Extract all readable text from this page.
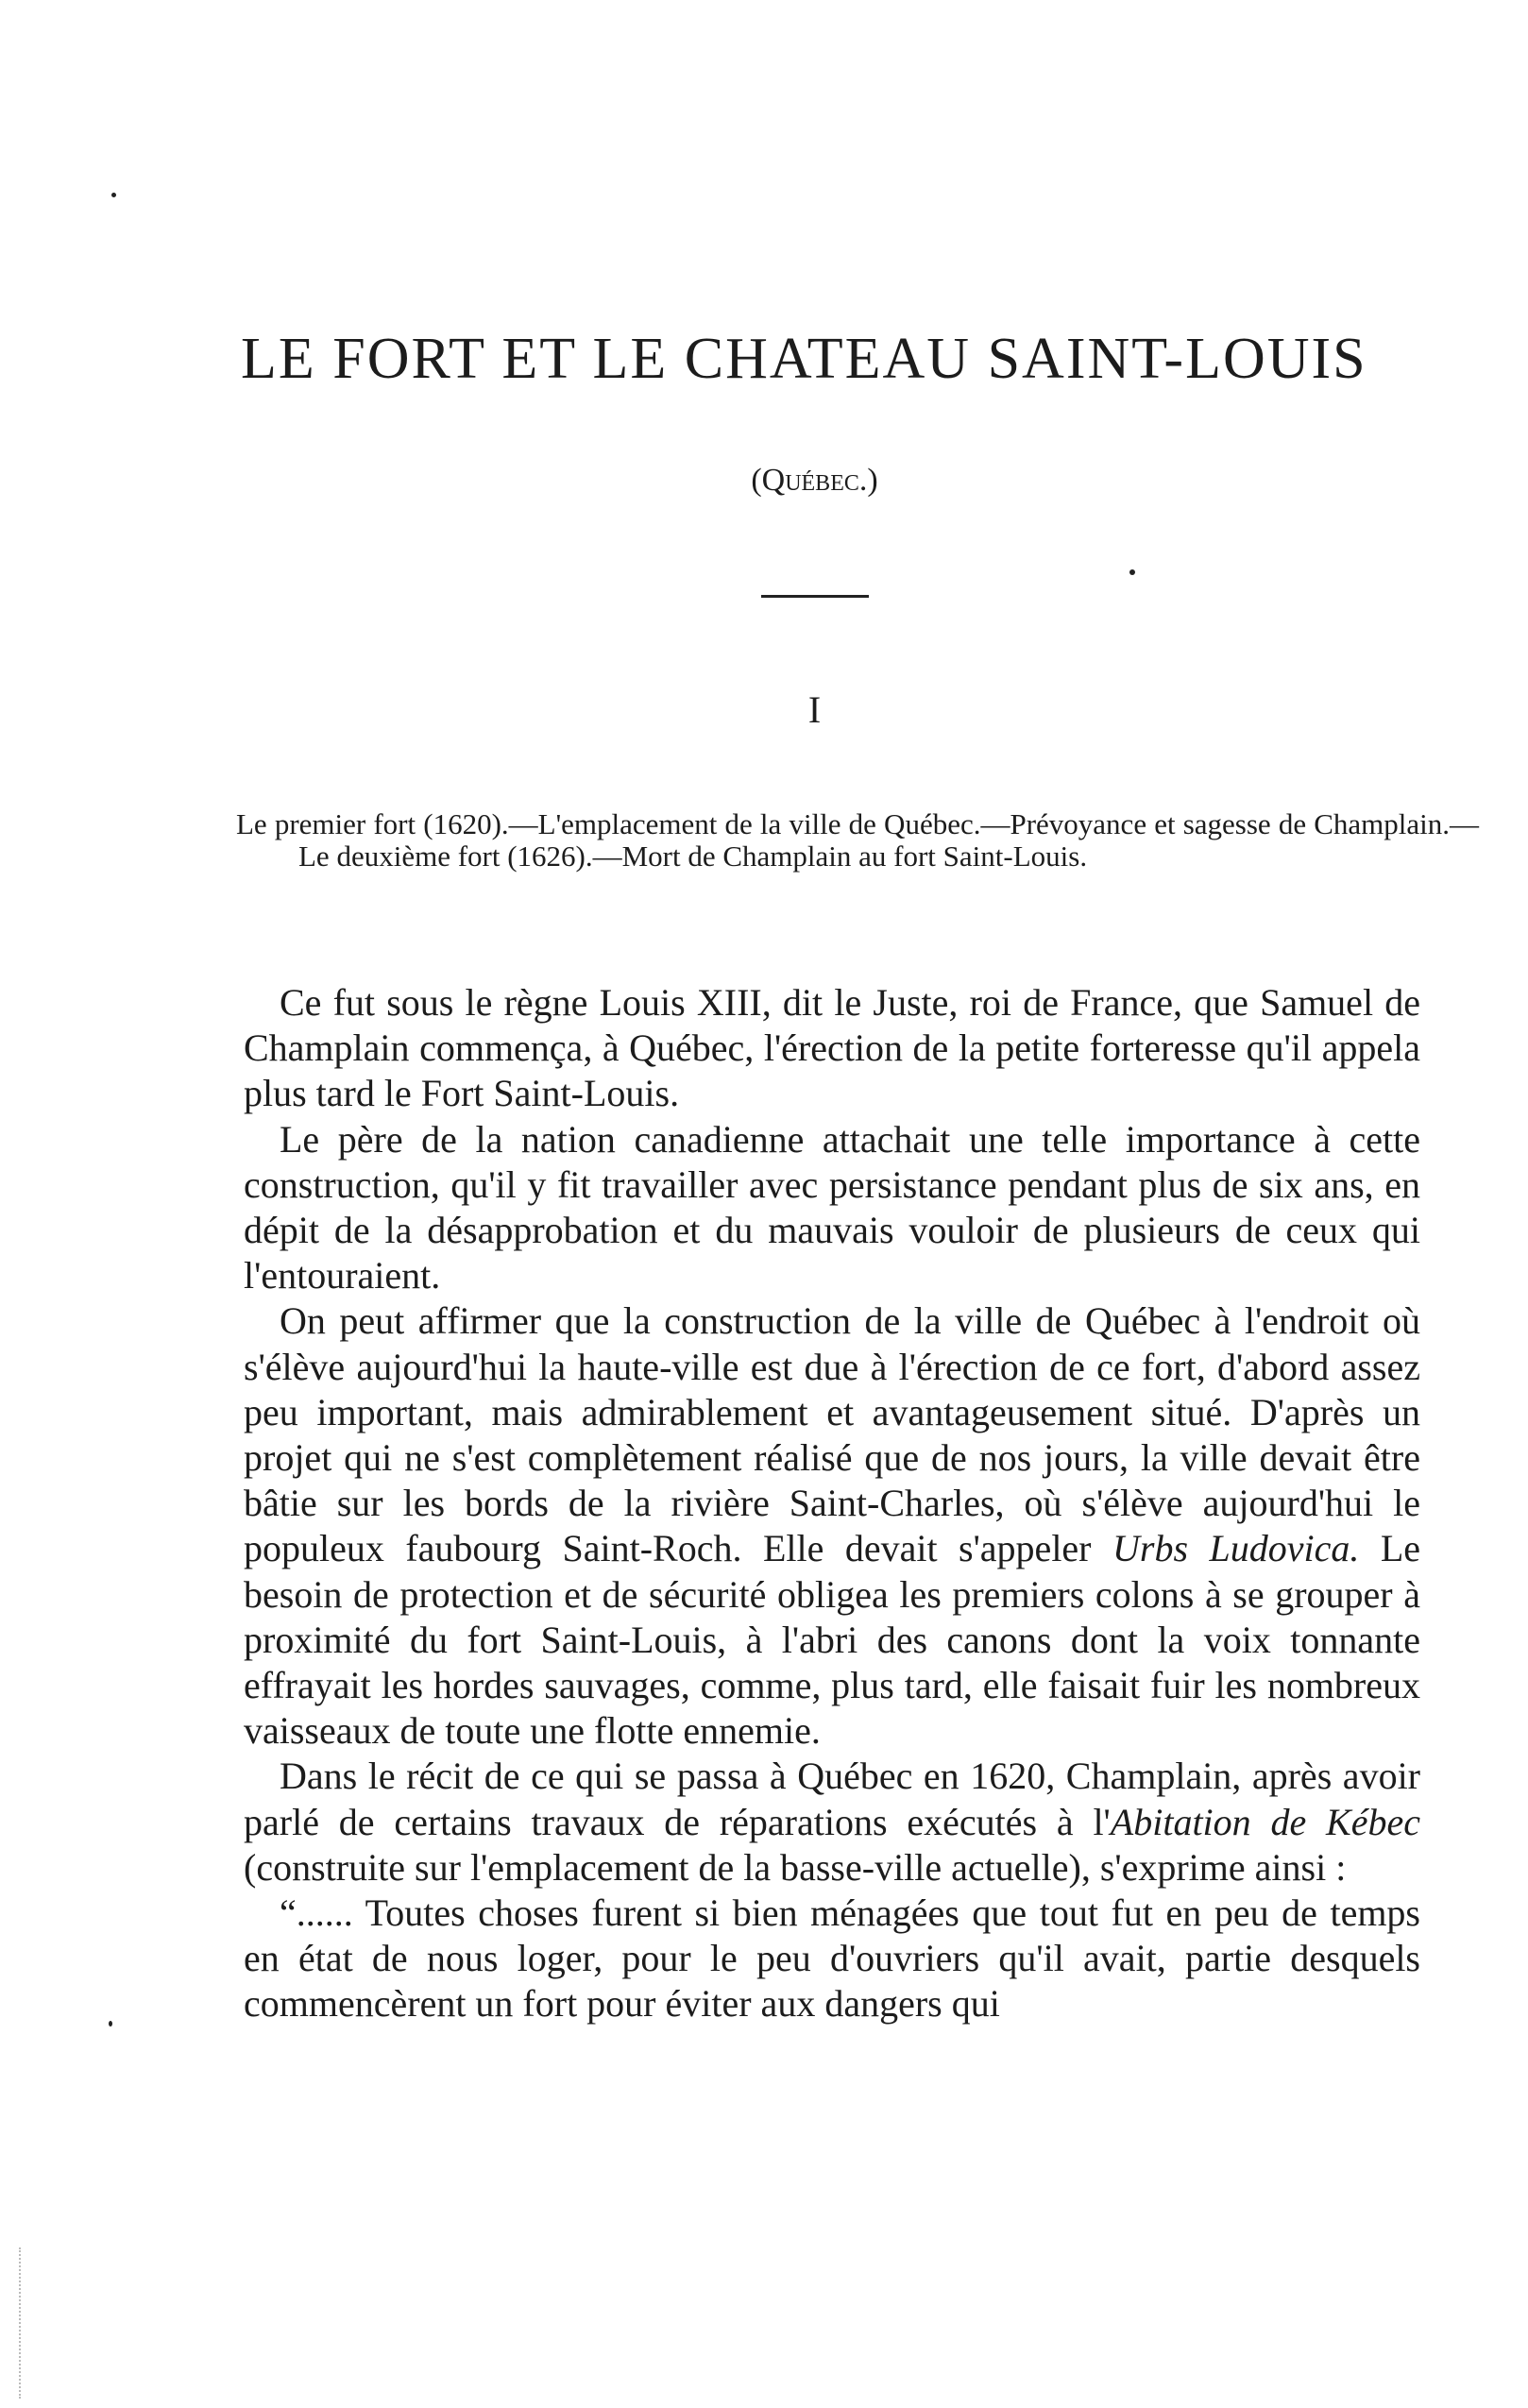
LE FORT ET LE CHATEAU SAINT-LOUIS
(Québec.)
I
Le premier fort (1620).—L'emplacement de la ville de Québec.—Prévoyance et sagesse de Champlain.—Le deuxième fort (1626).—Mort de Champlain au fort Saint-Louis.

Ce fut sous le règne Louis XIII, dit le Juste, roi de France, que Samuel de Champlain commença, à Québec, l'érection de la petite forteresse qu'il appela plus tard le Fort Saint-Louis.

Le père de la nation canadienne attachait une telle importance à cette construction, qu'il y fit travailler avec persistance pendant plus de six ans, en dépit de la désapprobation et du mauvais vouloir de plusieurs de ceux qui l'entouraient.

On peut affirmer que la construction de la ville de Québec à l'endroit où s'élève aujourd'hui la haute-ville est due à l'érection de ce fort, d'abord assez peu important, mais admirablement et avantageusement situé. D'après un projet qui ne s'est complètement réalisé que de nos jours, la ville devait être bâtie sur les bords de la rivière Saint-Charles, où s'élève aujourd'hui le populeux faubourg Saint-Roch. Elle devait s'appeler Urbs Ludovica. Le besoin de protection et de sécurité obligea les premiers colons à se grouper à proximité du fort Saint-Louis, à l'abri des canons dont la voix tonnante effrayait les hordes sauvages, comme, plus tard, elle faisait fuir les nombreux vaisseaux de toute une flotte ennemie.

Dans le récit de ce qui se passa à Québec en 1620, Champlain, après avoir parlé de certains travaux de réparations exécutés à l'Abitation de Kébec (construite sur l'emplacement de la basse-ville actuelle), s'exprime ainsi :

“...... Toutes choses furent si bien ménagées que tout fut en peu de temps en état de nous loger, pour le peu d'ouvriers qu'il avait, partie desquels commencèrent un fort pour éviter aux dangers qui
